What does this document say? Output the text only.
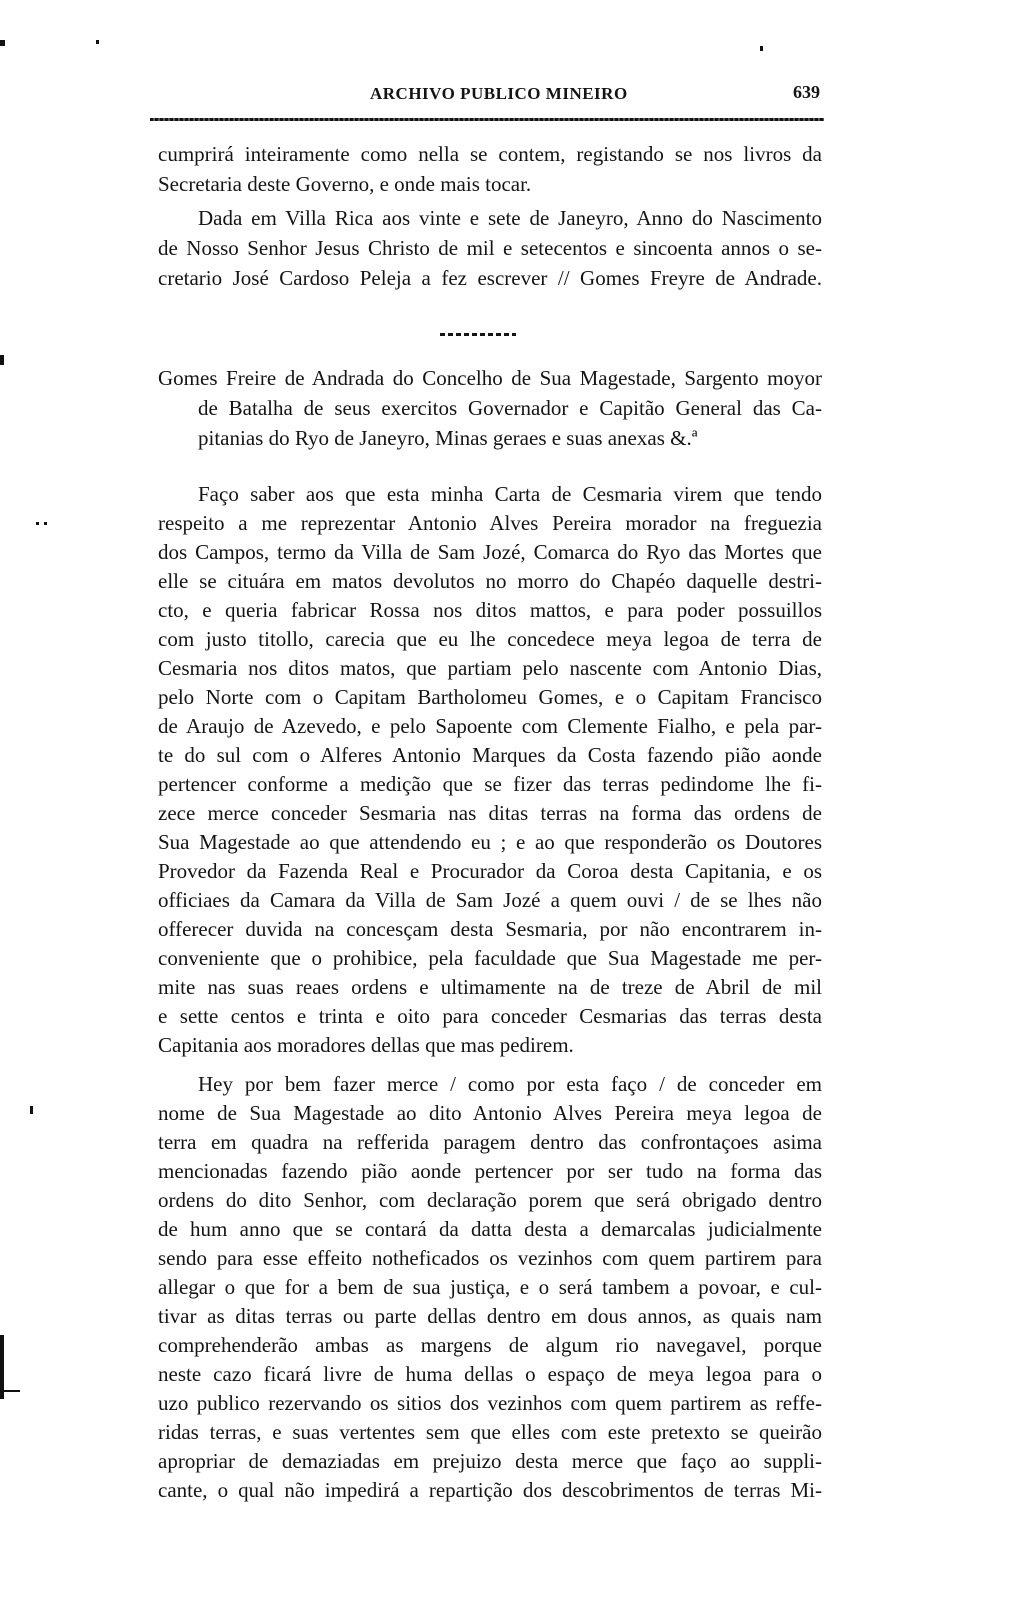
ARCHIVO PUBLICO MINEIRO	639
cumprirá inteiramente como nella se contem, registando se nos livros da
Secretaria deste Governo, e onde mais tocar.
Dada em Villa Rica aos vinte e sete de Janeyro, Anno do Nascimento
de Nosso Senhor Jesus Christo de mil e setecentos e sincoenta annos o se-
cretario José Cardoso Peleja a fez escrever // Gomes Freyre de Andrade.
Gomes Freire de Andrada do Concelho de Sua Magestade, Sargento moyor
de Batalha de seus exercitos Governador e Capitão General das Ca-
pitanias do Ryo de Janeyro, Minas geraes e suas anexas &.ª
Faço saber aos que esta minha Carta de Cesmaria virem que tendo
respeito a me reprezentar Antonio Alves Pereira morador na freguezia
dos Campos, termo da Villa de Sam Jozé, Comarca do Ryo das Mortes que
elle se cituára em matos devolutos no morro do Chapéo daquelle destri-
cto, e queria fabricar Rossa nos ditos mattos, e para poder possuillos
com justo titollo, carecia que eu lhe concedece meya legoa de terra de
Cesmaria nos ditos matos, que partiam pelo nascente com Antonio Dias,
pelo Norte com o Capitam Bartholomeu Gomes, e o Capitam Francisco
de Araujo de Azevedo, e pelo Sapoente com Clemente Fialho, e pela par-
te do sul com o Alferes Antonio Marques da Costa fazendo pião aonde
pertencer conforme a medição que se fizer das terras pedindome lhe fi-
zece merce conceder Sesmaria nas ditas terras na forma das ordens de
Sua Magestade ao que attendendo eu ; e ao que responderão os Doutores
Provedor da Fazenda Real e Procurador da Coroa desta Capitania, e os
officiaes da Camara da Villa de Sam Jozé a quem ouvi / de se lhes não
offerecer duvida na concesçam desta Sesmaria, por não encontrarem in-
conveniente que o prohibice, pela faculdade que Sua Magestade me per-
mite nas suas reaes ordens e ultimamente na de treze de Abril de mil
e sette centos e trinta e oito para conceder Cesmarias das terras desta
Capitania aos moradores dellas que mas pedirem.
Hey por bem fazer merce / como por esta faço / de conceder em
nome de Sua Magestade ao dito Antonio Alves Pereira meya legoa de
terra em quadra na refferida paragem dentro das confrontaçoes asima
mencionadas fazendo pião aonde pertencer por ser tudo na forma das
ordens do dito Senhor, com declaração porem que será obrigado dentro
de hum anno que se contará da datta desta a demarcalas judicialmente
sendo para esse effeito notheficados os vezinhos com quem partirem para
allegar o que for a bem de sua justiça, e o será tambem a povoar, e cul-
tivar as ditas terras ou parte dellas dentro em dous annos, as quais nam
comprehenderão ambas as margens de algum rio navegavel, porque
neste cazo ficará livre de huma dellas o espaço de meya legoa para o
uzo publico rezervando os sitios dos vezinhos com quem partirem as reffe-
ridas terras, e suas vertentes sem que elles com este pretexto se queirão
apropriar de demaziadas em prejuizo desta merce que faço ao suppli-
cante, o qual não impedirá a repartição dos descobrimentos de terras Mi-
